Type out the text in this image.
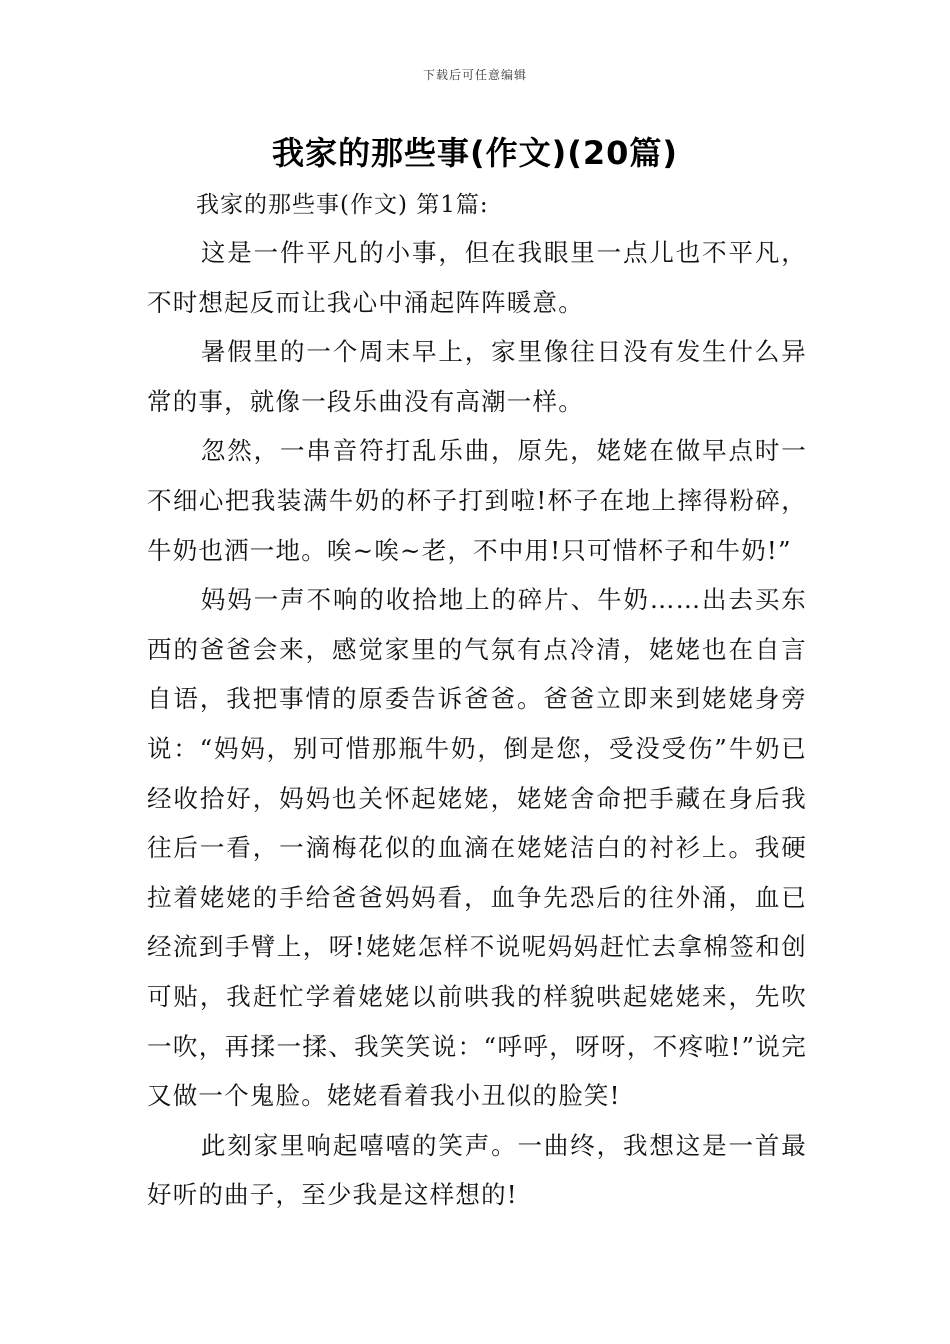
下载后可任意编辑
我家的那些事(作文)(20篇)
我家的那些事(作文) 第1篇:

这是一件平凡的小事，但在我眼里一点儿也不平凡，不时想起反而让我心中涌起阵阵暖意。

暑假里的一个周末早上，家里像往日没有发生什么异常的事，就像一段乐曲没有高潮一样。

忽然，一串音符打乱乐曲，原先，姥姥在做早点时一不细心把我装满牛奶的杯子打到啦!杯子在地上摔得粉碎，牛奶也洒一地。唉~唉~老，不中用!只可惜杯子和牛奶!”

妈妈一声不响的收拾地上的碎片、牛奶……出去买东西的爸爸会来，感觉家里的气氛有点冷清，姥姥也在自言自语，我把事情的原委告诉爸爸。爸爸立即来到姥姥身旁说：“妈妈，别可惜那瓶牛奶，倒是您，受没受伤”牛奶已经收拾好，妈妈也关怀起姥姥，姥姥舍命把手藏在身后我往后一看，一滴梅花似的血滴在姥姥洁白的衬衫上。我硬拉着姥姥的手给爸爸妈妈看，血争先恐后的往外涌，血已经流到手臂上，呀!姥姥怎样不说呢妈妈赶忙去拿棉签和创可贴，我赶忙学着姥姥以前哄我的样貌哄起姥姥来，先吹一吹，再揉一揉、我笑笑说：“呼呼，呀呀，不疼啦!”说完又做一个鬼脸。姥姥看着我小丑似的脸笑!

此刻家里响起嘻嘻的笑声。一曲终，我想这是一首最好听的曲子，至少我是这样想的!
